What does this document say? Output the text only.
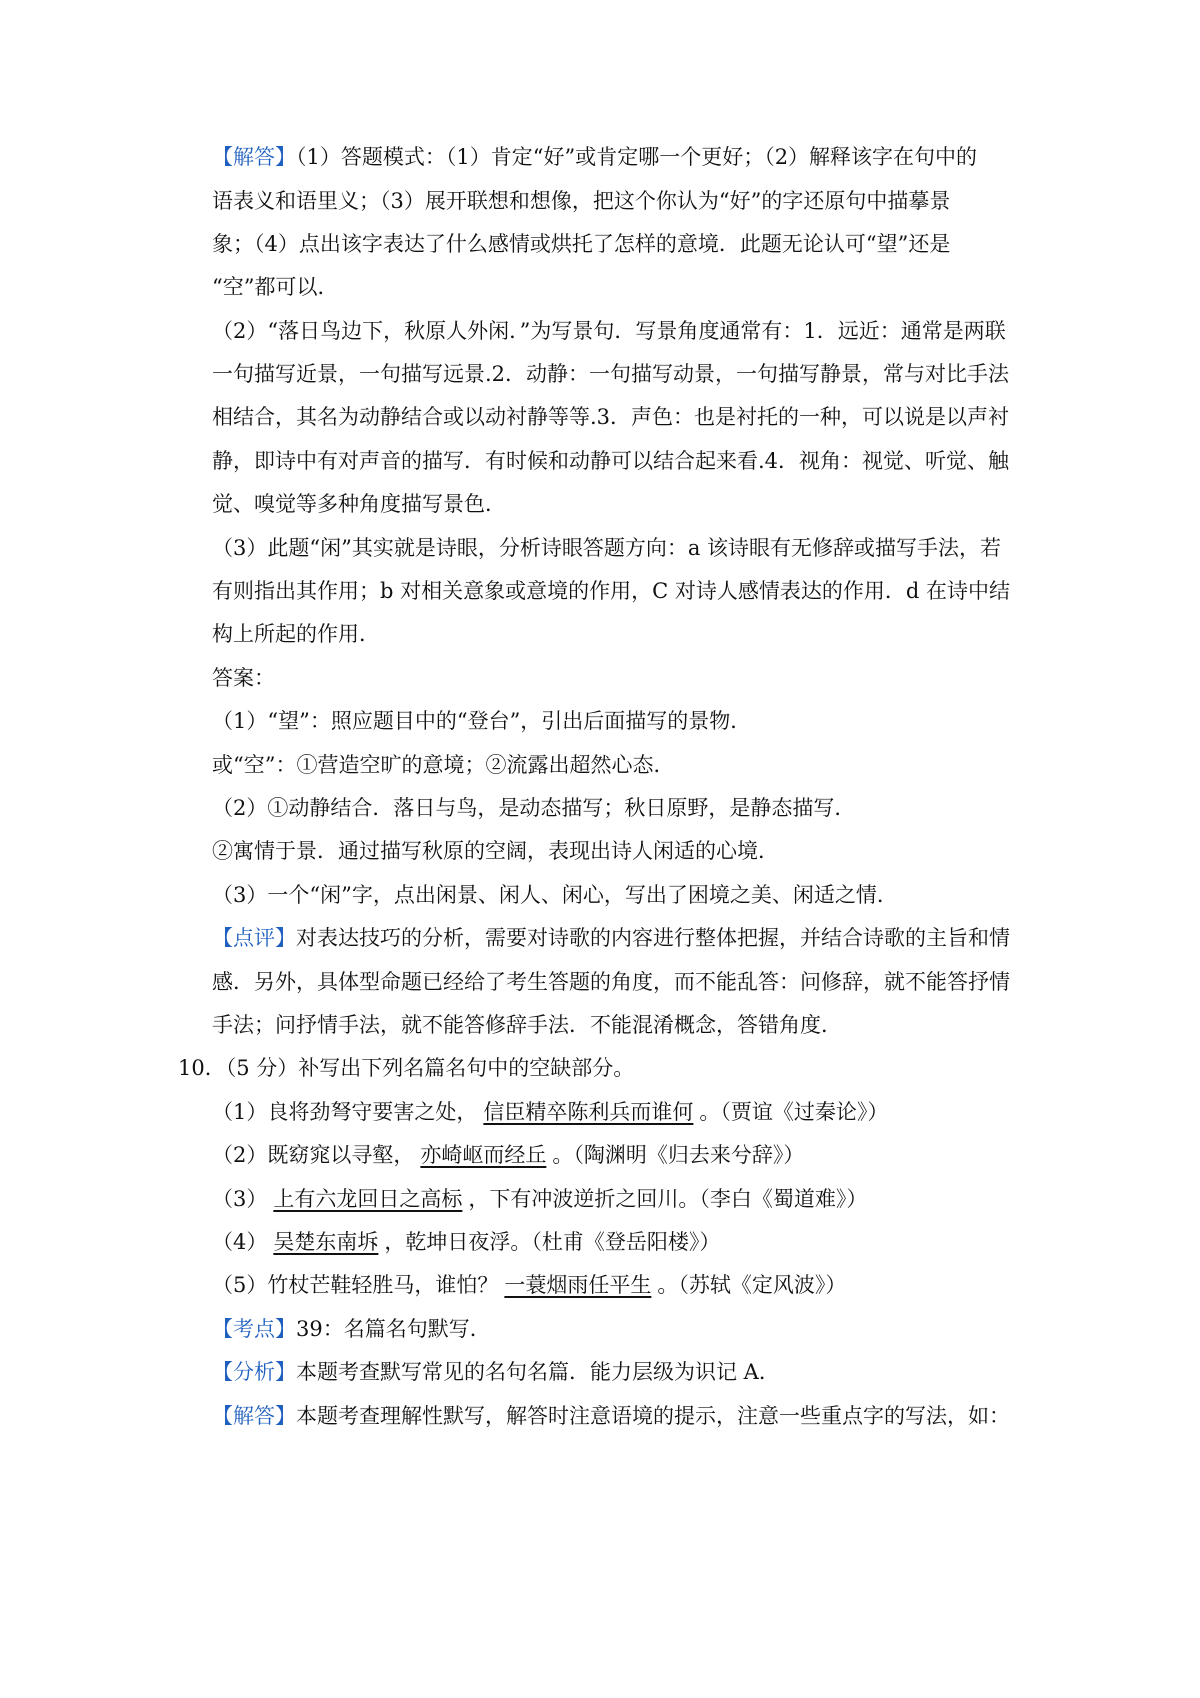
【解答】（1）答题模式：（1）肯定“好”或肯定哪一个更好；（2）解释该字在句中的
语表义和语里义；（3）展开联想和想像，把这个你认为“好”的字还原句中描摹景
象；（4）点出该字表达了什么感情或烘托了怎样的意境．此题无论认可“望”还是
“空”都可以．
（2）“落日鸟边下，秋原人外闲．”为写景句．写景角度通常有：1．远近：通常是两联
一句描写近景，一句描写远景.2．动静：一句描写动景，一句描写静景，常与对比手法
相结合，其名为动静结合或以动衬静等等.3．声色：也是衬托的一种，可以说是以声衬
静，即诗中有对声音的描写．有时候和动静可以结合起来看.4．视角：视觉、听觉、触
觉、嗅觉等多种角度描写景色．
（3）此题“闲”其实就是诗眼，分析诗眼答题方向：a 该诗眼有无修辞或描写手法，若
有则指出其作用；b 对相关意象或意境的作用，C 对诗人感情表达的作用．d 在诗中结
构上所起的作用．
答案：
（1）“望”：照应题目中的“登台”，引出后面描写的景物．
或“空”：①营造空旷的意境；②流露出超然心态．
（2）①动静结合．落日与鸟，是动态描写；秋日原野，是静态描写．
②寓情于景．通过描写秋原的空阔，表现出诗人闲适的心境．
（3）一个“闲”字，点出闲景、闲人、闲心，写出了困境之美、闲适之情．
【点评】对表达技巧的分析，需要对诗歌的内容进行整体把握，并结合诗歌的主旨和情
感．另外，具体型命题已经给了考生答题的角度，而不能乱答：问修辞，就不能答抒情
手法；问抒情手法，就不能答修辞手法．不能混淆概念，答错角度．
10．（5 分）补写出下列名篇名句中的空缺部分。
（1）良将劲弩守要害之处， 信臣精卒陈利兵而谁何 。（贾谊《过秦论》）
（2）既窈窕以寻壑， 亦崎岖而经丘 。（陶渊明《归去来兮辞》）
（3） 上有六龙回日之高标 ，下有冲波逆折之回川。（李白《蜀道难》）
（4） 吴楚东南坼 ，乾坤日夜浮。（杜甫《登岳阳楼》）
（5）竹杖芒鞋轻胜马，谁怕？ 一蓑烟雨任平生 。（苏轼《定风波》）
【考点】39：名篇名句默写．
【分析】本题考查默写常见的名句名篇．能力层级为识记 A．
【解答】本题考查理解性默写，解答时注意语境的提示，注意一些重点字的写法，如：
